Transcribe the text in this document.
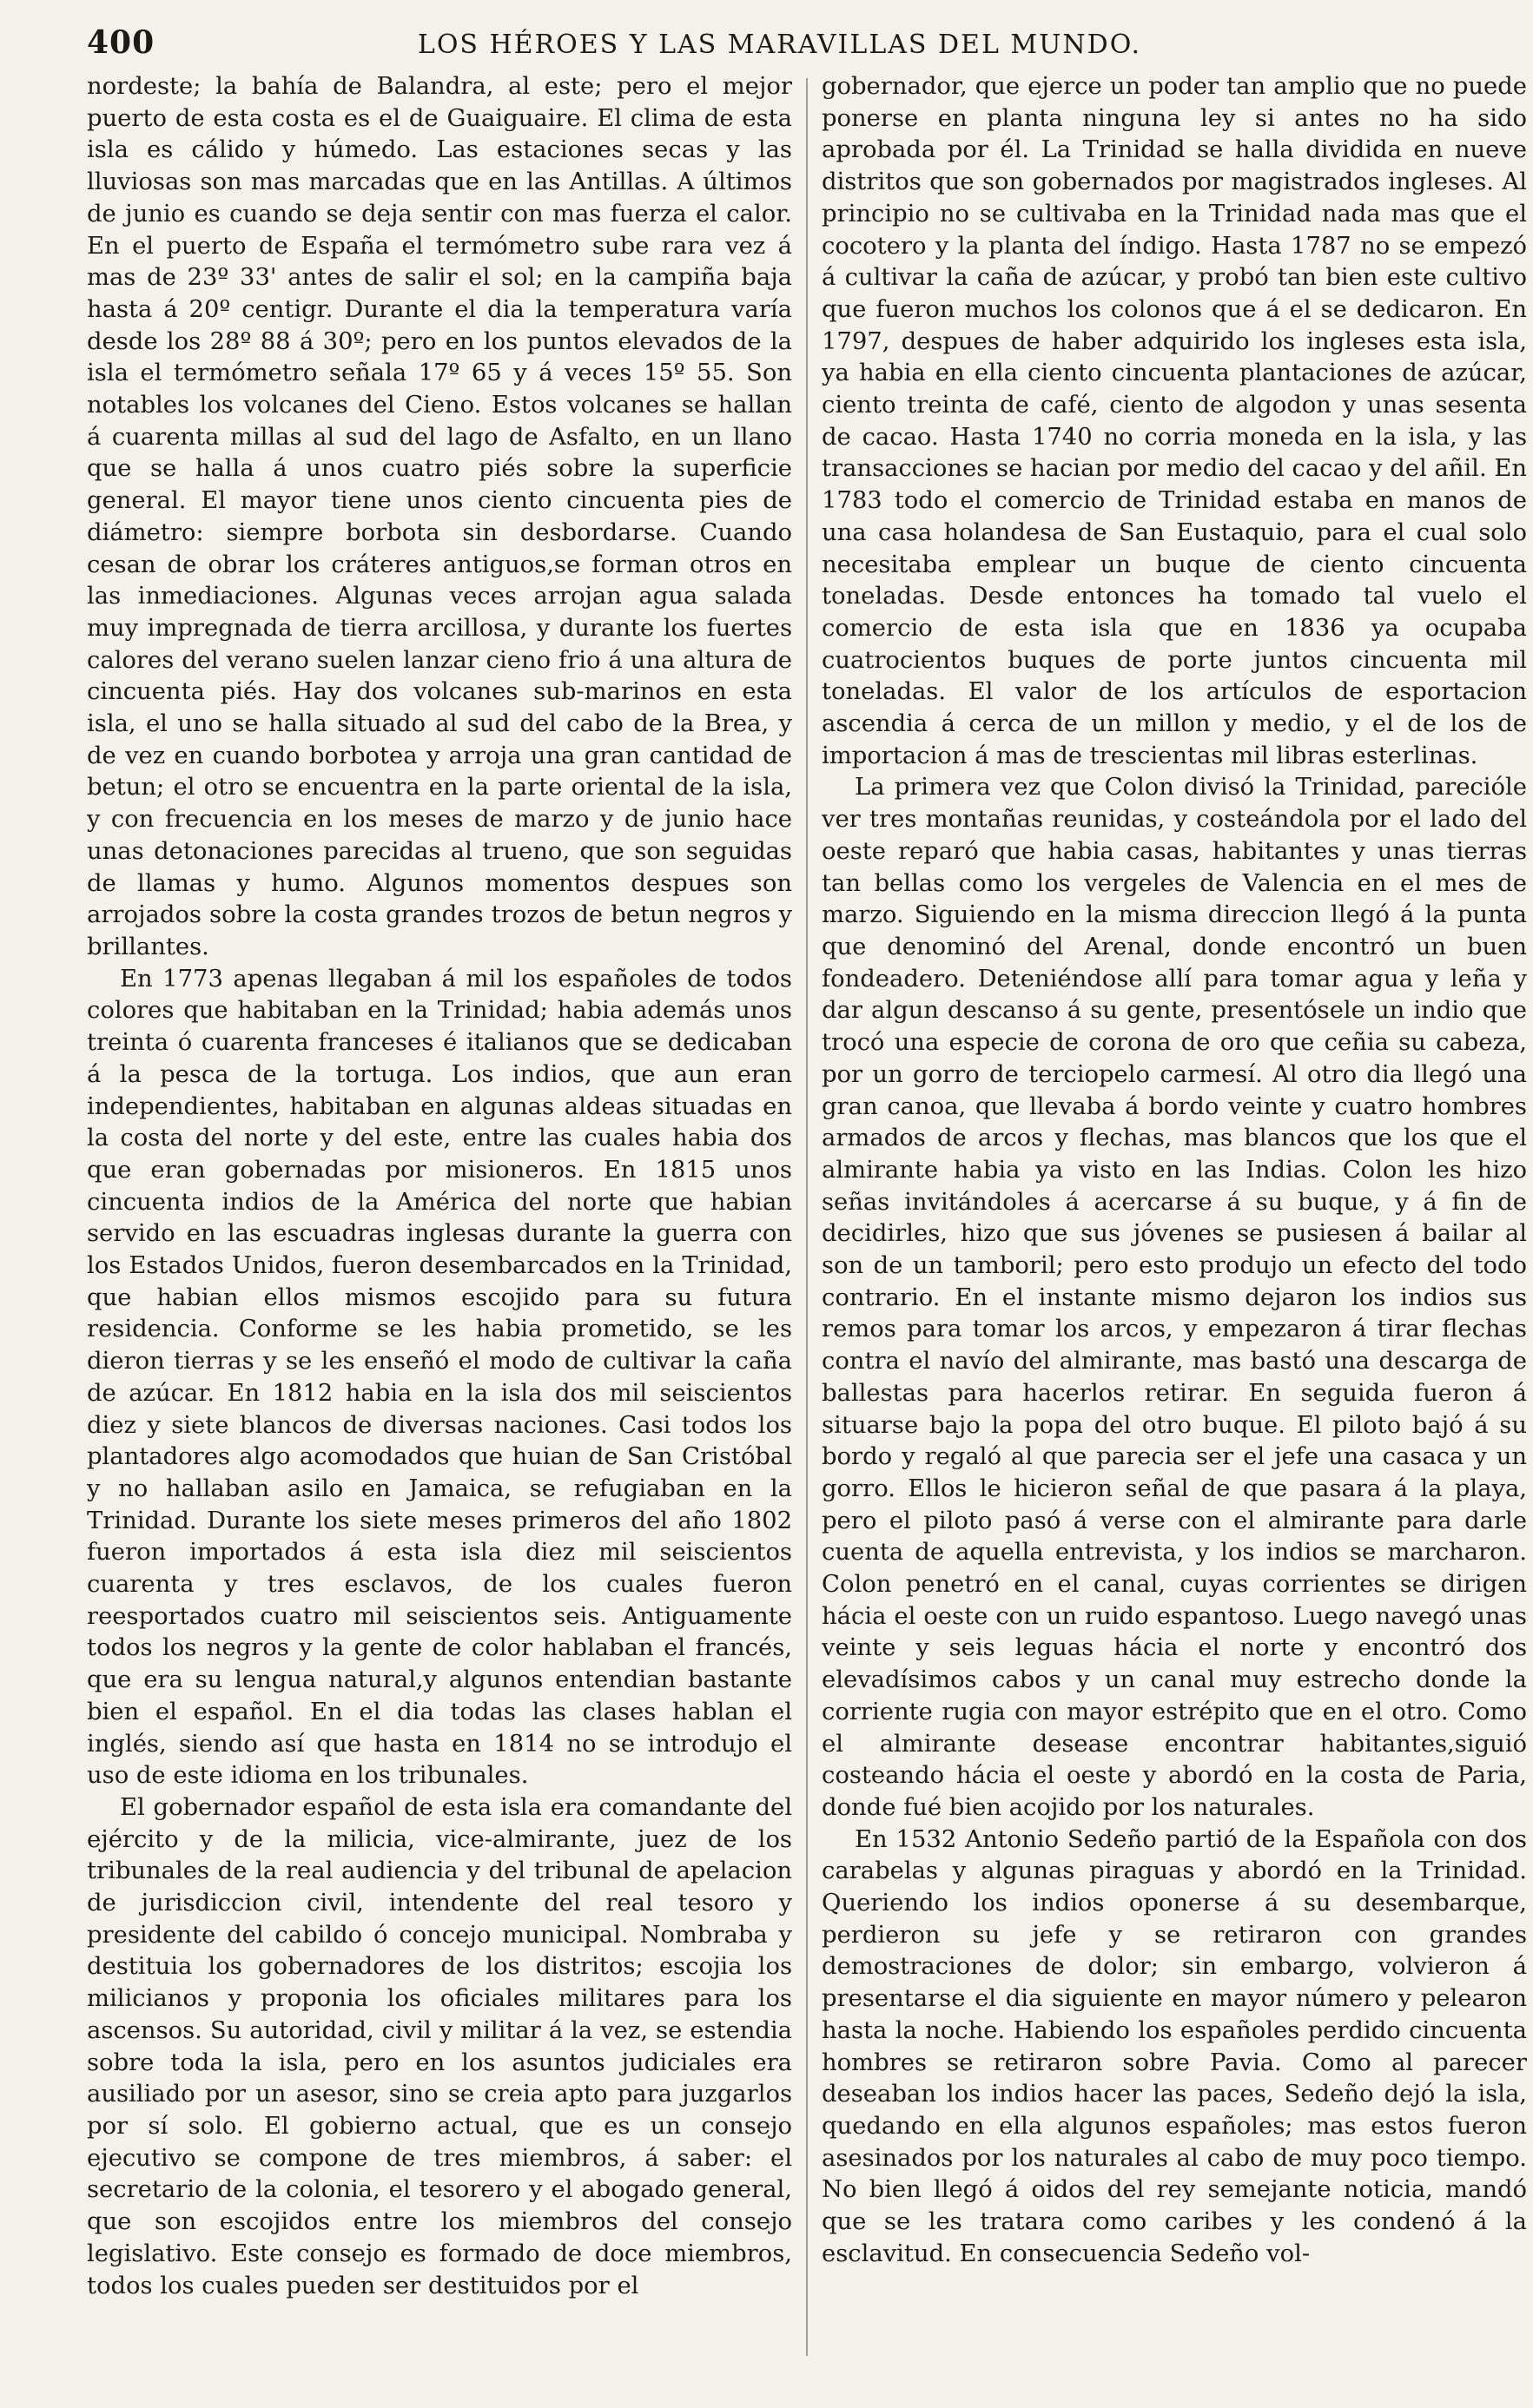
400	LOS HÉROES Y LAS MARAVILLAS DEL MUNDO.

nordeste; la bahía de Balandra, al este; pero el mejor puerto de esta costa es el de Guaiguaire. El clima de esta isla es cálido y húmedo. Las estaciones secas y las lluviosas son mas marcadas que en las Antillas. A últimos de junio es cuando se deja sentir con mas fuerza el calor. En el puerto de España el termómetro sube rara vez á mas de 23º 33' antes de salir el sol; en la campiña baja hasta á 20º centigr. Durante el dia la temperatura varía desde los 28º 88 á 30º; pero en los puntos elevados de la isla el termómetro señala 17º 65 y á veces 15º 55. Son notables los volcanes del Cieno. Estos volcanes se hallan á cuarenta millas al sud del lago de Asfalto, en un llano que se halla á unos cuatro piés sobre la superficie general. El mayor tiene unos ciento cincuenta pies de diámetro: siempre borbota sin desbordarse. Cuando cesan de obrar los cráteres antiguos,se forman otros en las inmediaciones. Algunas veces arrojan agua salada muy impregnada de tierra arcillosa, y durante los fuertes calores del verano suelen lanzar cieno frio á una altura de cincuenta piés. Hay dos volcanes sub-marinos en esta isla, el uno se halla situado al sud del cabo de la Brea, y de vez en cuando borbotea y arroja una gran cantidad de betun; el otro se encuentra en la parte oriental de la isla, y con frecuencia en los meses de marzo y de junio hace unas detonaciones parecidas al trueno, que son seguidas de llamas y humo. Algunos momentos despues son arrojados sobre la costa grandes trozos de betun negros y brillantes.

En 1773 apenas llegaban á mil los españoles de todos colores que habitaban en la Trinidad; habia además unos treinta ó cuarenta franceses é italianos que se dedicaban á la pesca de la tortuga. Los indios, que aun eran independientes, habitaban en algunas aldeas situadas en la costa del norte y del este, entre las cuales habia dos que eran gobernadas por misioneros. En 1815 unos cincuenta indios de la América del norte que habian servido en las escuadras inglesas durante la guerra con los Estados Unidos, fueron desembarcados en la Trinidad, que habian ellos mismos escojido para su futura residencia. Conforme se les habia prometido, se les dieron tierras y se les enseñó el modo de cultivar la caña de azúcar. En 1812 habia en la isla dos mil seiscientos diez y siete blancos de diversas naciones. Casi todos los plantadores algo acomodados que huian de San Cristóbal y no hallaban asilo en Jamaica, se refugiaban en la Trinidad. Durante los siete meses primeros del año 1802 fueron importados á esta isla diez mil seiscientos cuarenta y tres esclavos, de los cuales fueron reesportados cuatro mil seiscientos seis. Antiguamente todos los negros y la gente de color hablaban el francés, que era su lengua natural,y algunos entendian bastante bien el español. En el dia todas las clases hablan el inglés, siendo así que hasta en 1814 no se introdujo el uso de este idioma en los tribunales.

El gobernador español de esta isla era comandante del ejército y de la milicia, vice-almirante, juez de los tribunales de la real audiencia y del tribunal de apelacion de jurisdiccion civil, intendente del real tesoro y presidente del cabildo ó concejo municipal. Nombraba y destituia los gobernadores de los distritos; escojia los milicianos y proponia los oficiales militares para los ascensos. Su autoridad, civil y militar á la vez, se estendia sobre toda la isla, pero en los asuntos judiciales era ausiliado por un asesor, sino se creia apto para juzgarlos por sí solo. El gobierno actual, que es un consejo ejecutivo se compone de tres miembros, á saber: el secretario de la colonia, el tesorero y el abogado general, que son escojidos entre los miembros del consejo legislativo. Este consejo es formado de doce miembros, todos los cuales pueden ser destituidos por el

gobernador, que ejerce un poder tan amplio que no puede ponerse en planta ninguna ley si antes no ha sido aprobada por él. La Trinidad se halla dividida en nueve distritos que son gobernados por magistrados ingleses. Al principio no se cultivaba en la Trinidad nada mas que el cocotero y la planta del índigo. Hasta 1787 no se empezó á cultivar la caña de azúcar, y probó tan bien este cultivo que fueron muchos los colonos que á el se dedicaron. En 1797, despues de haber adquirido los ingleses esta isla, ya habia en ella ciento cincuenta plantaciones de azúcar, ciento treinta de café, ciento de algodon y unas sesenta de cacao. Hasta 1740 no corria moneda en la isla, y las transacciones se hacian por medio del cacao y del añil. En 1783 todo el comercio de Trinidad estaba en manos de una casa holandesa de San Eustaquio, para el cual solo necesitaba emplear un buque de ciento cincuenta toneladas. Desde entonces ha tomado tal vuelo el comercio de esta isla que en 1836 ya ocupaba cuatrocientos buques de porte juntos cincuenta mil toneladas. El valor de los artículos de esportacion ascendia á cerca de un millon y medio, y el de los de importacion á mas de trescientas mil libras esterlinas.

La primera vez que Colon divisó la Trinidad, parecióle ver tres montañas reunidas, y costeándola por el lado del oeste reparó que habia casas, habitantes y unas tierras tan bellas como los vergeles de Valencia en el mes de marzo. Siguiendo en la misma direccion llegó á la punta que denominó del Arenal, donde encontró un buen fondeadero. Deteniéndose allí para tomar agua y leña y dar algun descanso á su gente, presentósele un indio que trocó una especie de corona de oro que ceñia su cabeza, por un gorro de terciopelo carmesí. Al otro dia llegó una gran canoa, que llevaba á bordo veinte y cuatro hombres armados de arcos y flechas, mas blancos que los que el almirante habia ya visto en las Indias. Colon les hizo señas invitándoles á acercarse á su buque, y á fin de decidirles, hizo que sus jóvenes se pusiesen á bailar al son de un tamboril; pero esto produjo un efecto del todo contrario. En el instante mismo dejaron los indios sus remos para tomar los arcos, y empezaron á tirar flechas contra el navío del almirante, mas bastó una descarga de ballestas para hacerlos retirar. En seguida fueron á situarse bajo la popa del otro buque. El piloto bajó á su bordo y regaló al que parecia ser el jefe una casaca y un gorro. Ellos le hicieron señal de que pasara á la playa, pero el piloto pasó á verse con el almirante para darle cuenta de aquella entrevista, y los indios se marcharon. Colon penetró en el canal, cuyas corrientes se dirigen hácia el oeste con un ruido espantoso. Luego navegó unas veinte y seis leguas hácia el norte y encontró dos elevadísimos cabos y un canal muy estrecho donde la corriente rugia con mayor estrépito que en el otro. Como el almirante desease encontrar habitantes,siguió costeando hácia el oeste y abordó en la costa de Paria, donde fué bien acojido por los naturales.

En 1532 Antonio Sedeño partió de la Española con dos carabelas y algunas piraguas y abordó en la Trinidad. Queriendo los indios oponerse á su desembarque, perdieron su jefe y se retiraron con grandes demostraciones de dolor; sin embargo, volvieron á presentarse el dia siguiente en mayor número y pelearon hasta la noche. Habiendo los españoles perdido cincuenta hombres se retiraron sobre Pavia. Como al parecer deseaban los indios hacer las paces, Sedeño dejó la isla, quedando en ella algunos españoles; mas estos fueron asesinados por los naturales al cabo de muy poco tiempo. No bien llegó á oidos del rey semejante noticia, mandó que se les tratara como caribes y les condenó á la esclavitud. En consecuencia Sedeño vol-
